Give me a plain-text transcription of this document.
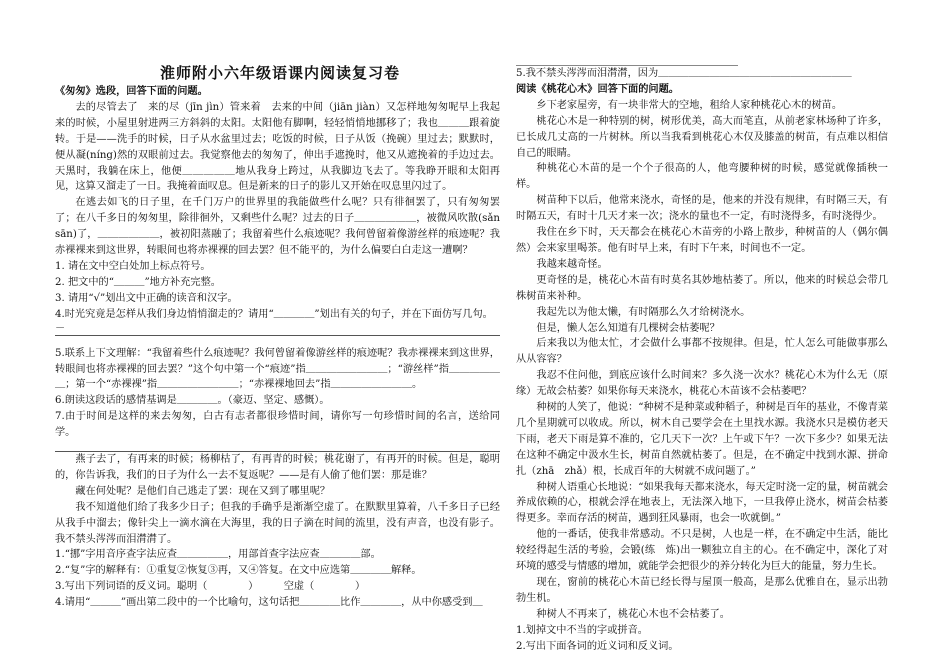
淮师附小六年级语课内阅读复习卷

《匆匆》选段，回答下面的问题。

去的尽管去了　来的尽（jīn jìn）管来着　去来的中间（jiān jiàn）又怎样地匆匆呢早上我起来的时候，小屋里射进两三方斜斜的太阳。太阳他有脚啊，轻轻悄悄地挪移了；我也＿＿＿跟着旋转。于是——洗手的时候，日子从水盆里过去；吃饭的时候，日子从饭（挽碗）里过去；默默时，便从凝(níng)然的双眼前过去。我觉察他去的匆匆了，伸出手遮挽时，他又从遮挽着的手边过去。天黑时，我躺在床上，他便＿＿＿＿＿地从我身上跨过，从我脚边飞去了。等我睁开眼和太阳再见，这算又溜走了一日。我掩着面叹息。但是新来的日子的影儿又开始在叹息里闪过了。

在逃去如飞的日子里，在千门万户的世界里的我能做些什么呢？只有徘徊罢了，只有匆匆罢了；在八千多日的匆匆里，除徘徊外，又剩些什么呢？过去的日子＿＿＿＿＿＿，被微风吹散(sǎn sān)了，＿＿＿＿＿＿，被初阳蒸融了；我留着些什么痕迹呢？我何曾留着像游丝样的痕迹呢？我赤裸裸来到这世界，转眼间也将赤裸裸的回去罢？但不能平的，为什么偏要白白走这一遭啊？

1. 请在文中空白处加上标点符号。

2. 把文中的“＿＿＿”地方补充完整。

3. 请用“√”划出文中正确的读音和汉字。

4.时光究竟是怎样从我们身边悄悄溜走的？请用“＿＿＿＿”划出有关的句子，并在下面仿写几句。

－

5.联系上下文理解：“我留着些什么痕迹呢？我何曾留着像游丝样的痕迹呢？我赤裸裸来到这世界，转眼间也将赤裸裸的回去罢？”这个句中第一个“痕迹”指＿＿＿＿＿＿＿＿；“游丝样”指＿＿＿＿＿＿；第一个“赤裸裸”指＿＿＿＿＿＿＿＿；“赤裸裸地回去”指＿＿＿＿＿＿＿＿。

6.朗读这段话的感情基调是＿＿＿＿。（豪迈、坚定、感慨）。

7.由于时间是这样的来去匆匆，白古有志者都很珍惜时间，请你写一句珍惜时间的名言，送给同学。

燕子去了，有再来的时候；杨柳枯了，有再青的时候；桃花谢了，有再开的时候。但是，聪明的，你告诉我，我们的日子为什么一去不复返呢？——是有人偷了他们罢：那是谁？

藏在何处呢？是他们自己逃走了罢：现在又到了哪里呢？

我不知道他们给了我多少日子；但我的手确乎是渐渐空虚了。在默默里算着，八千多日子已经从我手中溜去；像针尖上一滴水滴在大海里，我的日子滴在时间的流里，没有声音，也没有影子。我不禁头涔涔而泪潸潸了。

1.“挪”字用音序查字法应查＿＿＿＿＿，用部首查字法应查＿＿＿＿部。

2.“复”字的解释有：①重复②恢复③再，又④答复。在文中应选第＿＿＿＿解释。

3.写出下列词语的反义词。聪明（　　　　）　　　空虚（　　　　）

4.请用“＿＿＿”画出第二段中的一个比喻句，这句话把＿＿＿＿比作＿＿＿＿，从中你感受到＿

5.我不禁头涔涔而泪潸潸，因为＿＿＿＿＿＿＿＿＿＿＿＿＿＿＿＿＿＿＿

阅读《桃花心木》回答下面的问题。

乡下老家屋旁，有一块非常大的空地，租给人家种桃花心木的树苗。

桃花心木是一种特别的树，树形优美，高大而笔直，从前老家林场种了许多，已长成几丈高的一片树林。所以当我看到桃花心木仅及膝盖的树苗，有点难以相信自己的眼睛。

种桃花心木苗的是一个个子很高的人，他弯腰种树的时候，感觉就像插秧一样。

树苗种下以后，他常来浇水，奇怪的是，他来的并没有规律，有时隔三天，有时隔五天，有时十几天才来一次；浇水的量也不一定，有时浇得多，有时浇得少。

我住在乡下时，天天都会在桃花心木苗旁的小路上散步，种树苗的人（偶尔偶然）会来家里喝茶。他有时早上来，有时下午来，时间也不一定。

我越来越奇怪。

更奇怪的是，桃花心木苗有时莫名其妙地枯萎了。所以，他来的时候总会带几株树苗来补种。

我起先以为他太懒，有时隔那么久才给树浇水。

但是，懒人怎么知道有几棵树会枯萎呢？

后来我以为他太忙，才会做什么事都不按规律。但是，忙人怎么可能做事那么从从容容？

我忍不住问他，到底应该什么时间来？多久浇一次水？桃花心木为什么无（原　缘）无故会枯萎？如果你每天来浇水，桃花心木苗该不会枯萎吧？

种树的人笑了，他说：“种树不是种菜或种稻子，种树是百年的基业，不像青菜几个星期就可以收成。所以，树木自己要学会在土里找水源。我浇水只是模仿老天下雨，老天下雨是算不准的，它几天下一次？上午或下午？一次下多少？如果无法在这种不确定中汲水生长，树苗自然就枯萎了。但是，在不确定中找到水源、拼命扎（zhā　zhǎ）根，长成百年的大树就不成问题了。”

种树人语重心长地说：“如果我每天都来浇水，每天定时浇一定的量，树苗就会养成依赖的心，根就会浮在地表上，无法深入地下，一旦我停止浇水，树苗会枯萎得更多。幸而存活的树苗，遇到狂风暴雨，也会一吹就倒。”

他的一番话，使我非常感动。不只是树，人也是一样，在不确定中生活，能比较经得起生活的考验，会锻(练　炼)出一颗独立自主的心。在不确定中，深化了对环境的感受与情感的增加，就能学会把很少的养分转化为巨大的能量，努力生长。

现在，窗前的桃花心木苗已经长得与屋顶一般高，是那么优雅自在，显示出勃勃生机。

种树人不再来了，桃花心木也不会枯萎了。

1.划掉文中不当的字或拼音。

2.写出下面各词的近义词和反义词。
